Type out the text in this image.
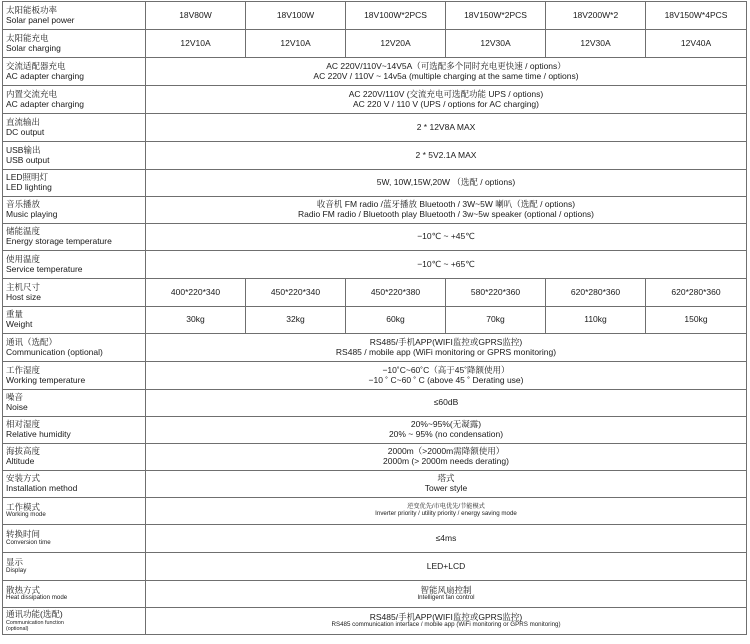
太阳能板功率
Solar panel power	18V80W	18V100W	18V100W*2PCS	18V150W*2PCS	18V200W*2	18V150W*4PCS

太阳能充电
Solar charging	12V10A	12V10A	12V20A	12V30A	12V30A	12V40A

交流适配器充电
AC adapter charging	AC 220V/110V~14V5A（可选配多个同时充电更快速 / options）
AC 220V / 110V ~ 14v5a (multiple charging at the same time / options)					

内置交流充电
AC adapter charging	AC 220V/110V (交流充电可选配功能 UPS / options)
AC 220 V / 110 V (UPS / options for AC charging)					

直流输出
DC output	2 * 12V8A MAX					

USB输出
USB output	2 * 5V2.1A MAX					

LED照明灯
LED lighting	5W, 10W,15W,20W （选配 / options)					

音乐播放
Music playing	收音机 FM radio /蓝牙播放 Bluetooth / 3W~5W 喇叭（选配 / options)
Radio FM radio / Bluetooth play Bluetooth / 3w~5w speaker (optional / options)					

储能温度
Energy storage temperature	−10℃ ~ +45℃					

使用温度
Service temperature	−10℃ ~ +65℃					

主机尺寸
Host size	400*220*340	450*220*340	450*220*380	580*220*360	620*280*360	620*280*360

重量
Weight	30kg	32kg	60kg	70kg	110kg	150kg

通讯（选配）
Communication (optional)	RS485/手机APP(WIFI监控或GPRS监控)
RS485 / mobile app (WiFi monitoring or GPRS monitoring)					

工作湿度
Working temperature	−10˚C~60˚C（高于45˚降额使用）
−10 ˚ C~60 ˚ C (above 45 ˚ Derating use)					

噪音
Noise	≤60dB					

相对湿度
Relative humidity	20%~95%(无凝露)
20% ~ 95% (no condensation)					

海拔高度
Altitude	2000m（>2000m需降额使用）
2000m (> 2000m needs derating)					

安装方式
Installation method	塔式
Tower style					

工作模式
Working mode	逆变优先/市电优先/节能模式
Inverter priority / utility priority / energy saving mode					

转换时间
Conversion time	≤4ms					

显示
Display	LED+LCD					

散热方式
Heat dissipation mode	智能风扇控制
Intelligent fan control					

通讯功能(选配)
Communication function
(optional)	RS485/手机APP(WIFI监控或GPRS监控)
RS485 communication interface / mobile app (WiFi monitoring or GPRS monitoring)					
